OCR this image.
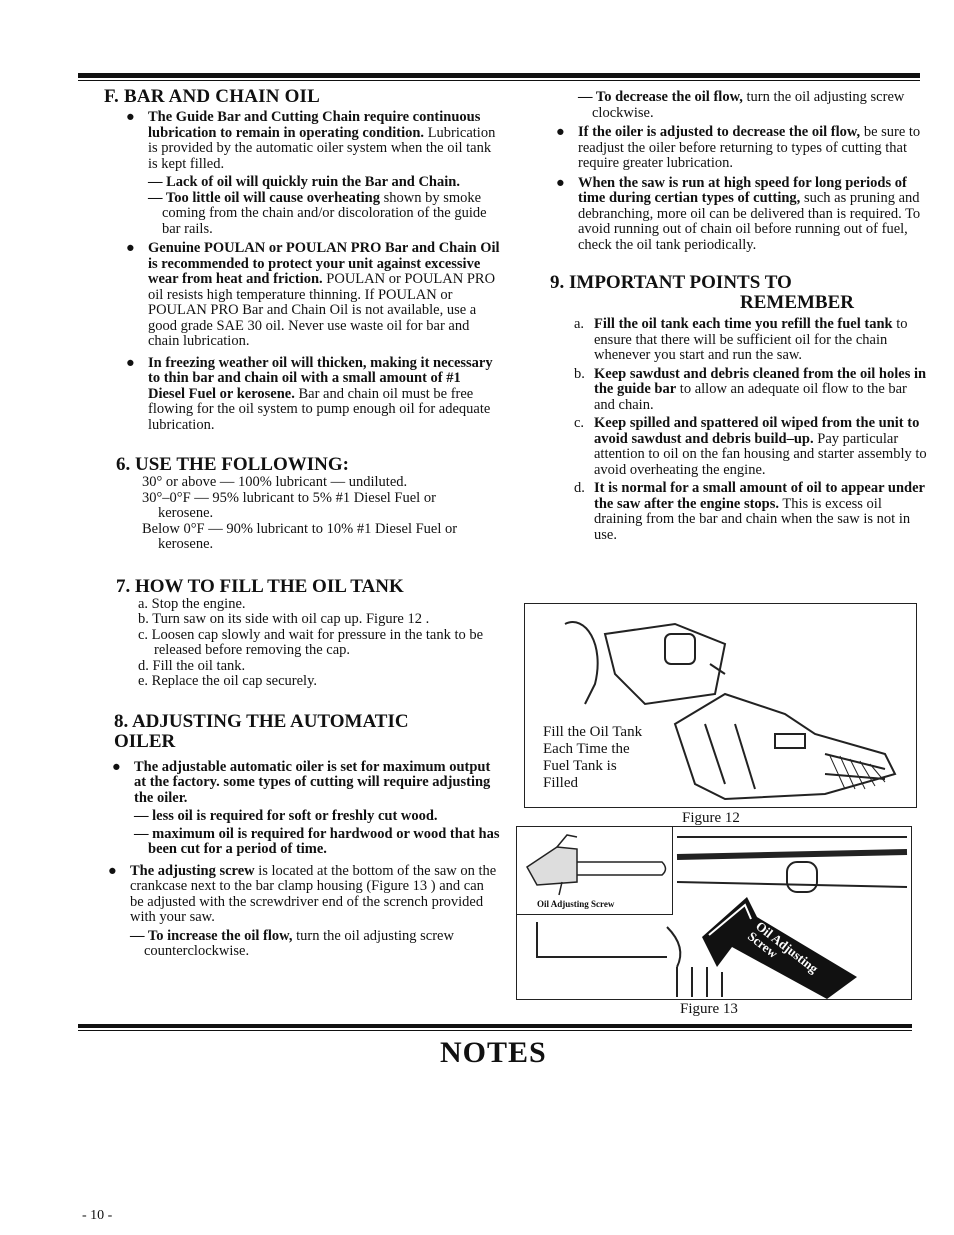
F. BAR AND CHAIN OIL
● The Guide Bar and Cutting Chain require continuous lubrication to remain in operating condition. Lubrication is provided by the automatic oiler system when the oil tank is kept filled.

— Lack of oil will quickly ruin the Bar and Chain.

— Too little oil will cause overheating shown by smoke coming from the chain and/or discoloration of the guide bar rails.

● Genuine POULAN or POULAN PRO Bar and Chain Oil is recommended to protect your unit against excessive wear from heat and friction. POULAN or POULAN PRO oil resists high temperature thinning. If POULAN or POULAN PRO Bar and Chain Oil is not available, use a good grade SAE 30 oil. Never use waste oil for bar and chain lubrication.
● In freezing weather oil will thicken, making it necessary to thin bar and chain oil with a small amount of #1 Diesel Fuel or kerosene. Bar and chain oil must be free flowing for the oil system to pump enough oil for adequate lubrication.
6. USE THE FOLLOWING:
30° or above — 100% lubricant — undiluted.
30°–0°F — 95% lubricant to 5% #1 Diesel Fuel or kerosene.
Below 0°F — 90% lubricant to 10% #1 Diesel Fuel or kerosene.
7. HOW TO FILL THE OIL TANK
a. Stop the engine.
b. Turn saw on its side with oil cap up. Figure 12 .
c. Loosen cap slowly and wait for pressure in the tank to be released before removing the cap.
d. Fill the oil tank.
e. Replace the oil cap securely.
8. ADJUSTING THE AUTOMATIC OILER
● The adjustable automatic oiler is set for maximum output at the factory. some types of cutting will require adjusting the oiler.

— less oil is required for soft or freshly cut wood.

— maximum oil is required for hardwood or wood that has been cut for a period of time.

● The adjusting screw is located at the bottom of the saw on the crankcase next to the bar clamp housing (Figure 13 ) and can be adjusted with the screwdriver end of the scrench provided with your saw.

— To increase the oil flow, turn the oil adjusting screw counterclockwise.

— To decrease the oil flow, turn the oil adjusting screw clockwise.

● If the oiler is adjusted to decrease the oil flow, be sure to readjust the oiler before returning to types of cutting that require greater lubrication.
● When the saw is run at high speed for long periods of time during certian types of cutting, such as pruning and debranching, more oil can be delivered than is required. To avoid running out of chain oil before running out of fuel, check the oil tank periodically.
9. IMPORTANT POINTS TO
REMEMBER
a. Fill the oil tank each time you refill the fuel tank to ensure that there will be sufficient oil for the chain whenever you start and run the saw.
b. Keep sawdust and debris cleaned from the oil holes in the guide bar to allow an adequate oil flow to the bar and chain.
c. Keep spilled and spattered oil wiped from the unit to avoid sawdust and debris build–up. Pay particular attention to oil on the fan housing and starter assembly to avoid overheating the engine.
d. It is normal for a small amount of oil to appear under the saw after the engine stops. This is excess oil draining from the bar and chain when the saw is not in use.
Fill the Oil Tank
Each Time the
Fuel Tank is
Filled
Figure 12
Oil Adjusting Screw
Oil Adjusting Screw
Figure 13
NOTES
- 10 -
